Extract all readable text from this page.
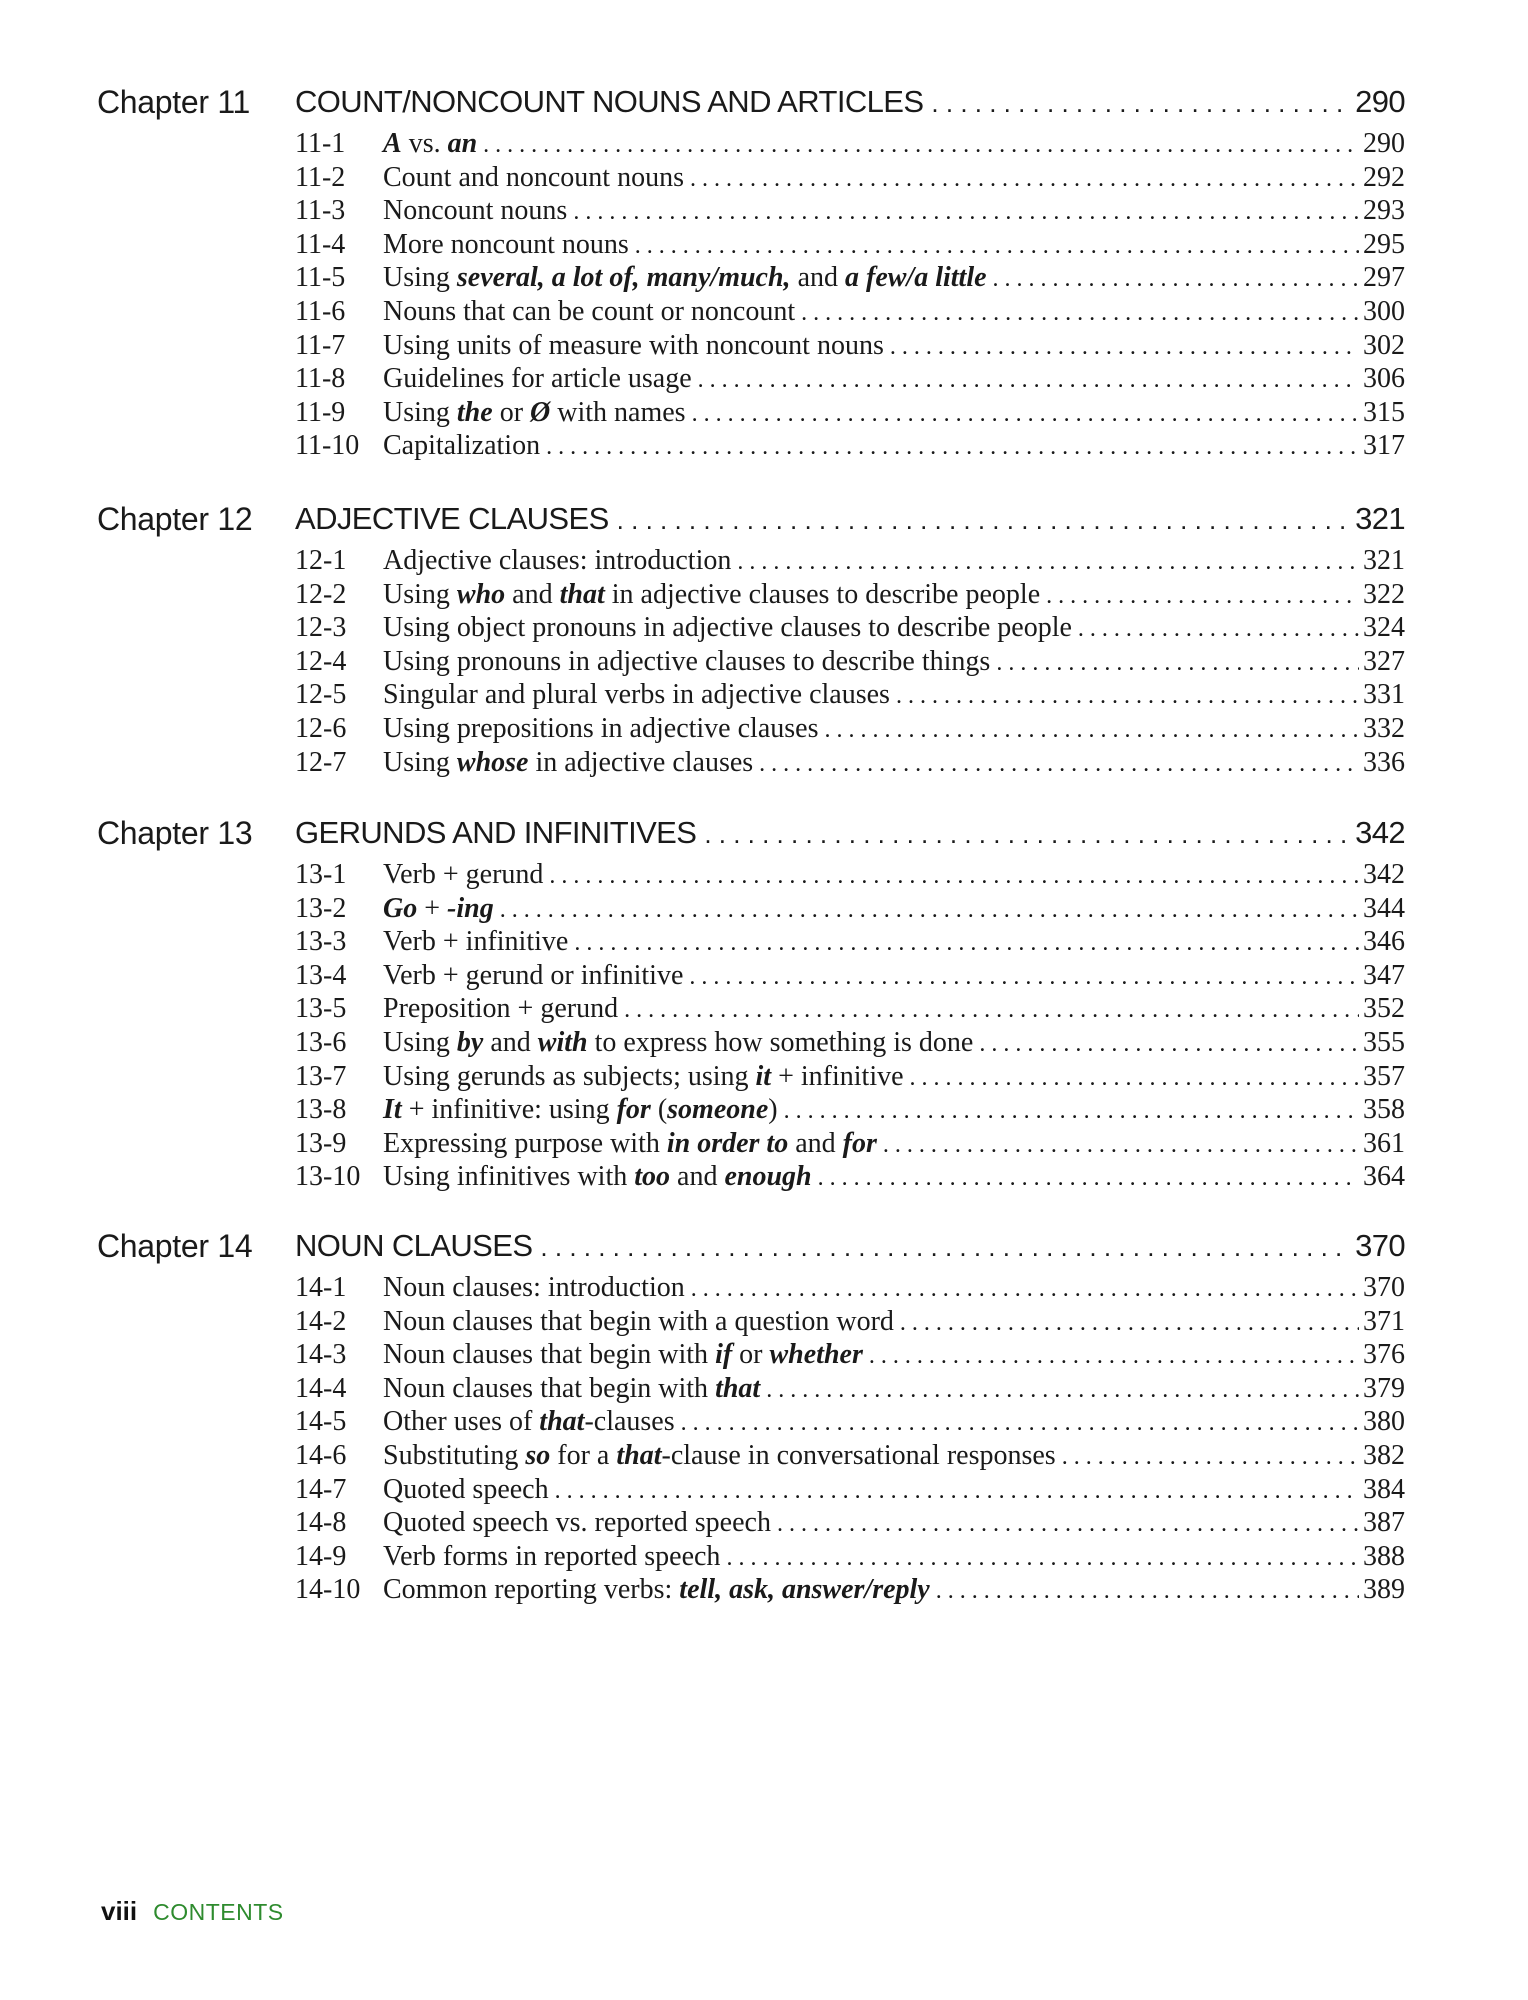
Chapter 11 COUNT/NONCOUNT NOUNS AND ARTICLES . . .	290
11-1	A vs. an . . .	290
11-2	Count and noncount nouns . . .	292
11-3	Noncount nouns . . .	293
11-4	More noncount nouns . . .	295
11-5	Using several, a lot of, many/much, and a few/a little . . .	297
11-6	Nouns that can be count or noncount . . .	300
11-7	Using units of measure with noncount nouns . . .	302
11-8	Guidelines for article usage . . .	306
11-9	Using the or Ø with names . . .	315
11-10 Capitalization . . .	317
Chapter 12 ADJECTIVE CLAUSES . . .	321
12-1	Adjective clauses: introduction . . .	321
12-2	Using who and that in adjective clauses to describe people . . .	322
12-3	Using object pronouns in adjective clauses to describe people . . .	324
12-4	Using pronouns in adjective clauses to describe things . . .	327
12-5	Singular and plural verbs in adjective clauses . . .	331
12-6	Using prepositions in adjective clauses . . .	332
12-7	Using whose in adjective clauses . . .	336
Chapter 13 GERUNDS AND INFINITIVES . . .	342
13-1	Verb + gerund . . .	342
13-2	Go + -ing . . .	344
13-3	Verb + infinitive . . .	346
13-4	Verb + gerund or infinitive . . .	347
13-5	Preposition + gerund . . .	352
13-6	Using by and with to express how something is done . . .	355
13-7	Using gerunds as subjects; using it + infinitive . . .	357
13-8	It + infinitive: using for (someone) . . .	358
13-9	Expressing purpose with in order to and for . . .	361
13-10 Using infinitives with too and enough . . .	364
Chapter 14 NOUN CLAUSES . . .	370
14-1	Noun clauses: introduction . . .	370
14-2	Noun clauses that begin with a question word . . .	371
14-3	Noun clauses that begin with if or whether . . .	376
14-4	Noun clauses that begin with that . . .	379
14-5	Other uses of that-clauses . . .	380
14-6	Substituting so for a that-clause in conversational responses . . .	382
14-7	Quoted speech . . .	384
14-8	Quoted speech vs. reported speech . . .	387
14-9	Verb forms in reported speech . . .	388
14-10 Common reporting verbs: tell, ask, answer/reply . . .	389
viii CONTENTS
